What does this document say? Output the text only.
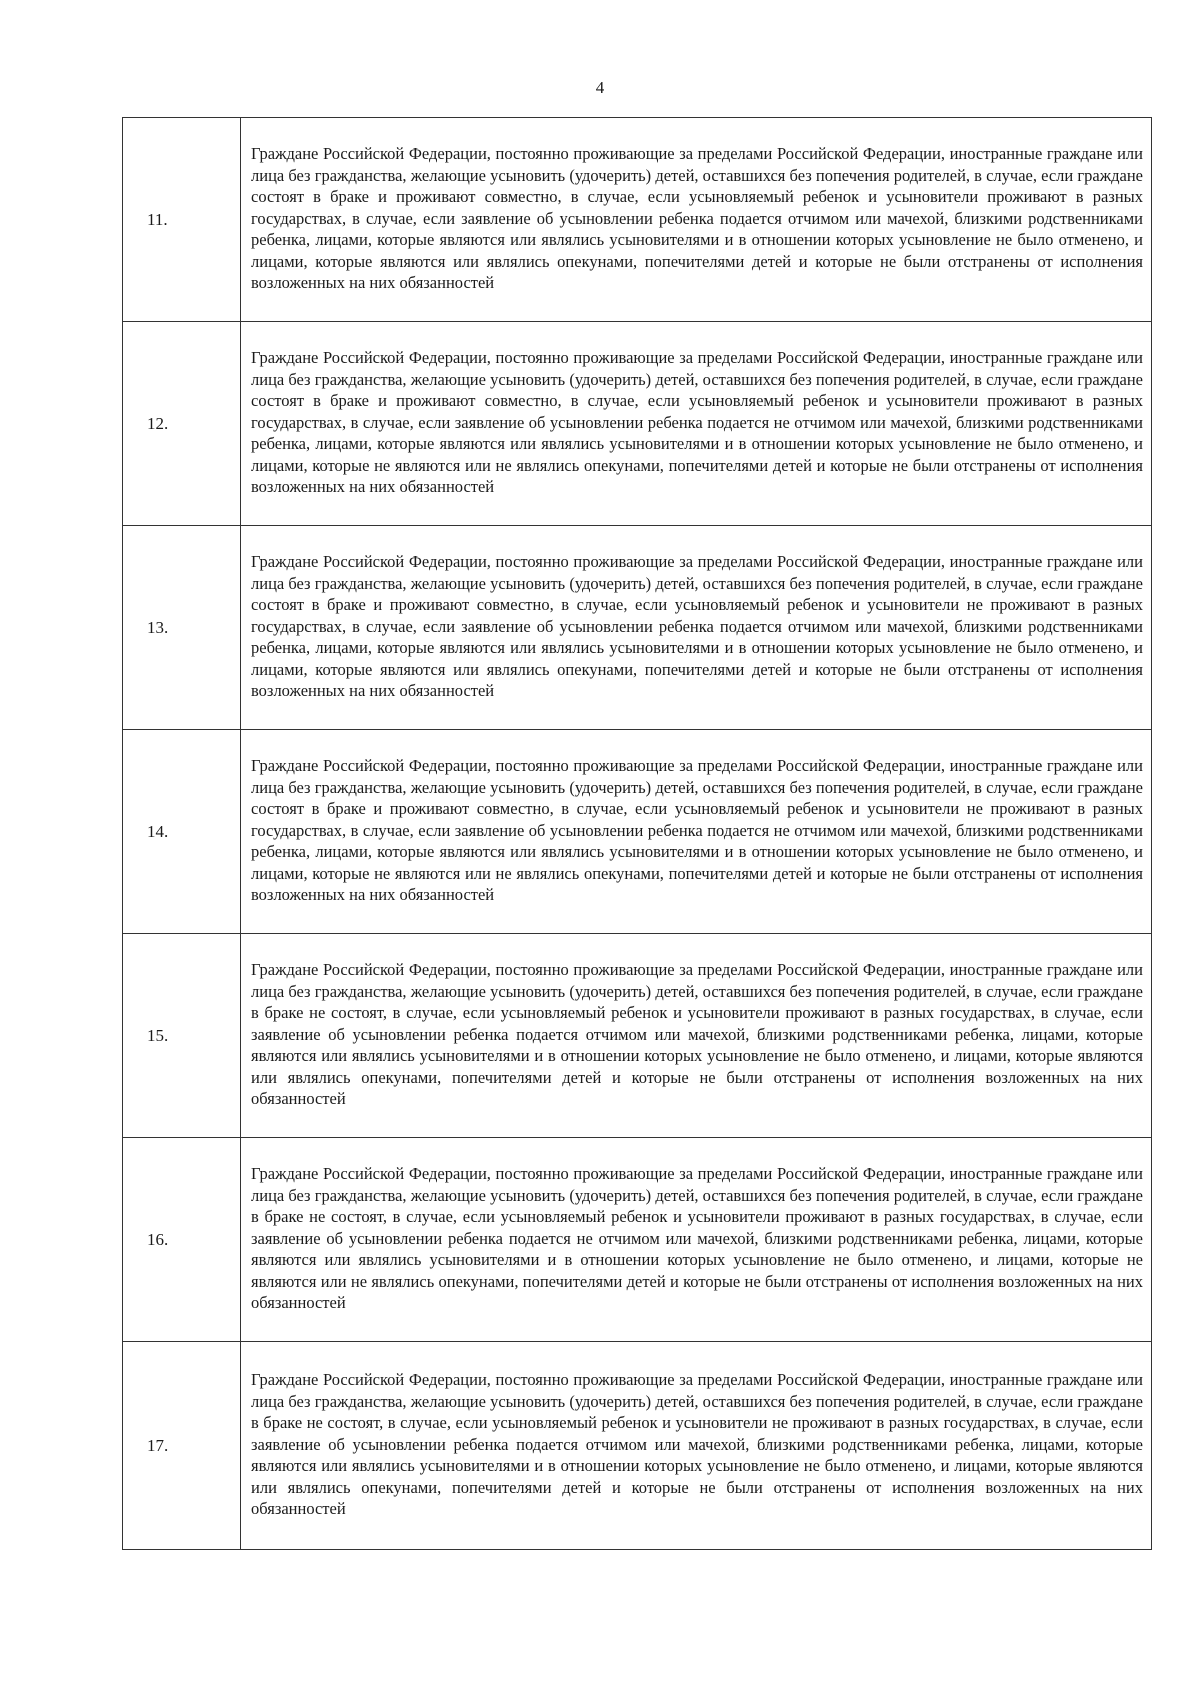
4
11.	Граждане Российской Федерации, постоянно проживающие за пределами Российской Федерации, иностранные граждане или лица без гражданства, желающие усыновить (удочерить) детей, оставшихся без попечения родителей, в случае, если граждане состоят в браке и проживают совместно, в случае, если усыновляемый ребенок и усыновители проживают в разных государствах, в случае, если заявление об усыновлении ребенка подается отчимом или мачехой, близкими родственниками ребенка, лицами, которые являются или являлись усыновителями и в отношении которых усыновление не было отменено, и лицами, которые являются или являлись опекунами, попечителями детей и которые не были отстранены от исполнения возложенных на них обязанностей
12.	Граждане Российской Федерации, постоянно проживающие за пределами Российской Федерации, иностранные граждане или лица без гражданства, желающие усыновить (удочерить) детей, оставшихся без попечения родителей, в случае, если граждане состоят в браке и проживают совместно, в случае, если усыновляемый ребенок и усыновители проживают в разных государствах, в случае, если заявление об усыновлении ребенка подается не отчимом или мачехой, близкими родственниками ребенка, лицами, которые являются или являлись усыновителями и в отношении которых усыновление не было отменено, и лицами, которые не являются или не являлись опекунами, попечителями детей и которые не были отстранены от исполнения возложенных на них обязанностей
13.	Граждане Российской Федерации, постоянно проживающие за пределами Российской Федерации, иностранные граждане или лица без гражданства, желающие усыновить (удочерить) детей, оставшихся без попечения родителей, в случае, если граждане состоят в браке и проживают совместно, в случае, если усыновляемый ребенок и усыновители не проживают в разных государствах, в случае, если заявление об усыновлении ребенка подается отчимом или мачехой, близкими родственниками ребенка, лицами, которые являются или являлись усыновителями и в отношении которых усыновление не было отменено, и лицами, которые являются или являлись опекунами, попечителями детей и которые не были отстранены от исполнения возложенных на них обязанностей
14.	Граждане Российской Федерации, постоянно проживающие за пределами Российской Федерации, иностранные граждане или лица без гражданства, желающие усыновить (удочерить) детей, оставшихся без попечения родителей, в случае, если граждане состоят в браке и проживают совместно, в случае, если усыновляемый ребенок и усыновители не проживают в разных государствах, в случае, если заявление об усыновлении ребенка подается не отчимом или мачехой, близкими родственниками ребенка, лицами, которые являются или являлись усыновителями и в отношении которых усыновление не было отменено, и лицами, которые не являются или не являлись опекунами, попечителями детей и которые не были отстранены от исполнения возложенных на них обязанностей
15.	Граждане Российской Федерации, постоянно проживающие за пределами Российской Федерации, иностранные граждане или лица без гражданства, желающие усыновить (удочерить) детей, оставшихся без попечения родителей, в случае, если граждане в браке не состоят, в случае, если усыновляемый ребенок и усыновители проживают в разных государствах, в случае, если заявление об усыновлении ребенка подается отчимом или мачехой, близкими родственниками ребенка, лицами, которые являются или являлись усыновителями и в отношении которых усыновление не было отменено, и лицами, которые являются или являлись опекунами, попечителями детей и которые не были отстранены от исполнения возложенных на них обязанностей
16.	Граждане Российской Федерации, постоянно проживающие за пределами Российской Федерации, иностранные граждане или лица без гражданства, желающие усыновить (удочерить) детей, оставшихся без попечения родителей, в случае, если граждане в браке не состоят, в случае, если усыновляемый ребенок и усыновители проживают в разных государствах, в случае, если заявление об усыновлении ребенка подается не отчимом или мачехой, близкими родственниками ребенка, лицами, которые являются или являлись усыновителями и в отношении которых усыновление не было отменено, и лицами, которые не являются или не являлись опекунами, попечителями детей и которые не были отстранены от исполнения возложенных на них обязанностей
17.	Граждане Российской Федерации, постоянно проживающие за пределами Российской Федерации, иностранные граждане или лица без гражданства, желающие усыновить (удочерить) детей, оставшихся без попечения родителей, в случае, если граждане в браке не состоят, в случае, если усыновляемый ребенок и усыновители не проживают в разных государствах, в случае, если заявление об усыновлении ребенка подается отчимом или мачехой, близкими родственниками ребенка, лицами, которые являются или являлись усыновителями и в отношении которых усыновление не было отменено, и лицами, которые являются или являлись опекунами, попечителями детей и которые не были отстранены от исполнения возложенных на них обязанностей
